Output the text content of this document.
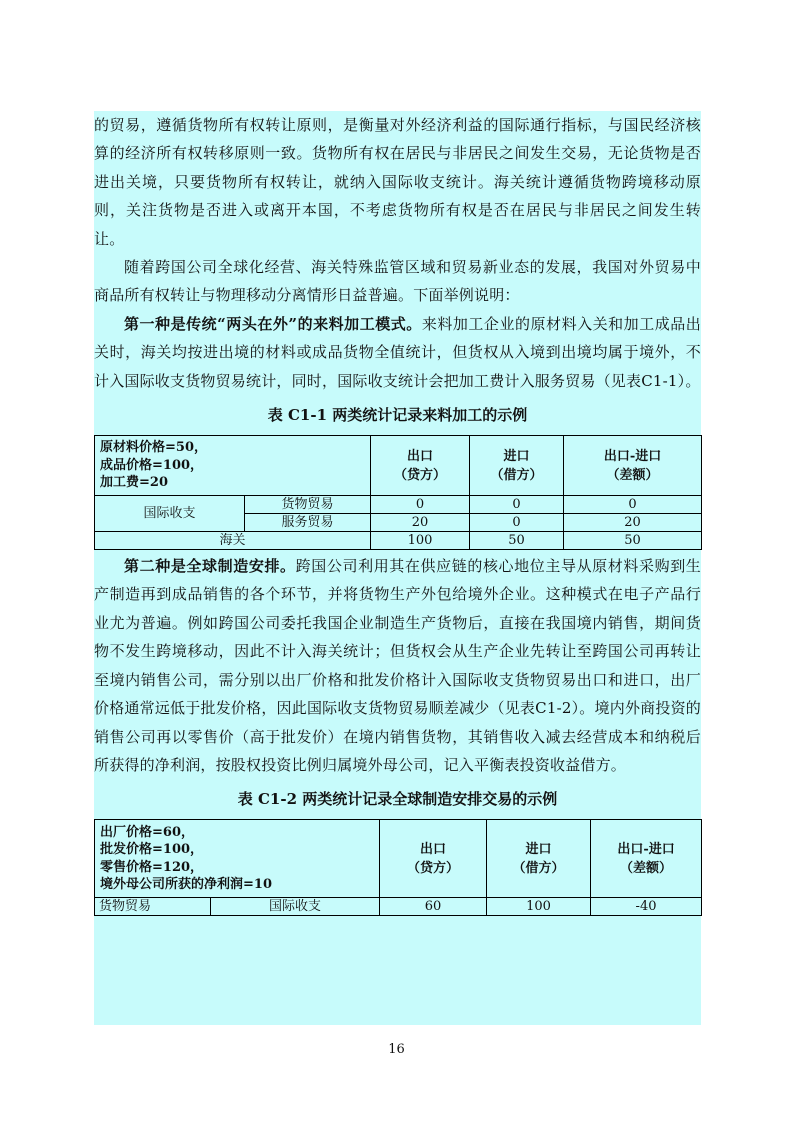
的贸易，遵循货物所有权转让原则，是衡量对外经济利益的国际通行指标，与国民经济核算的经济所有权转移原则一致。货物所有权在居民与非居民之间发生交易，无论货物是否进出关境，只要货物所有权转让，就纳入国际收支统计。海关统计遵循货物跨境移动原则，关注货物是否进入或离开本国，不考虑货物所有权是否在居民与非居民之间发生转让。

随着跨国公司全球化经营、海关特殊监管区域和贸易新业态的发展，我国对外贸易中商品所有权转让与物理移动分离情形日益普遍。下面举例说明：

第一种是传统“两头在外”的来料加工模式。来料加工企业的原材料入关和加工成品出关时，海关均按进出境的材料或成品货物全值统计，但货权从入境到出境均属于境外，不计入国际收支货物贸易统计，同时，国际收支统计会把加工费计入服务贸易（见表C1-1）。

表 C1-1 两类统计记录来料加工的示例
原材料价格=50，
成品价格=100，
加工费=20		出口
（贷方）	进口
（借方）	出口-进口
（差额）

国际收支	货物贸易	0	0	0
	服务贸易	20	0	20
海关		100	50	50

第二种是全球制造安排。跨国公司利用其在供应链的核心地位主导从原材料采购到生产制造再到成品销售的各个环节，并将货物生产外包给境外企业。这种模式在电子产品行业尤为普遍。例如跨国公司委托我国企业制造生产货物后，直接在我国境内销售，期间货物不发生跨境移动，因此不计入海关统计；但货权会从生产企业先转让至跨国公司再转让至境内销售公司，需分别以出厂价格和批发价格计入国际收支货物贸易出口和进口，出厂价格通常远低于批发价格，因此国际收支货物贸易顺差减少（见表C1-2）。境内外商投资的销售公司再以零售价（高于批发价）在境内销售货物，其销售收入减去经营成本和纳税后所获得的净利润，按股权投资比例归属境外母公司，记入平衡表投资收益借方。

表 C1-2 两类统计记录全球制造安排交易的示例
出厂价格=60，
批发价格=100，
零售价格=120，
境外母公司所获的净利润=10		出口
（贷方）	进口
（借方）	出口-进口
（差额）

货物贸易	国际收支	60	100	-40
16
